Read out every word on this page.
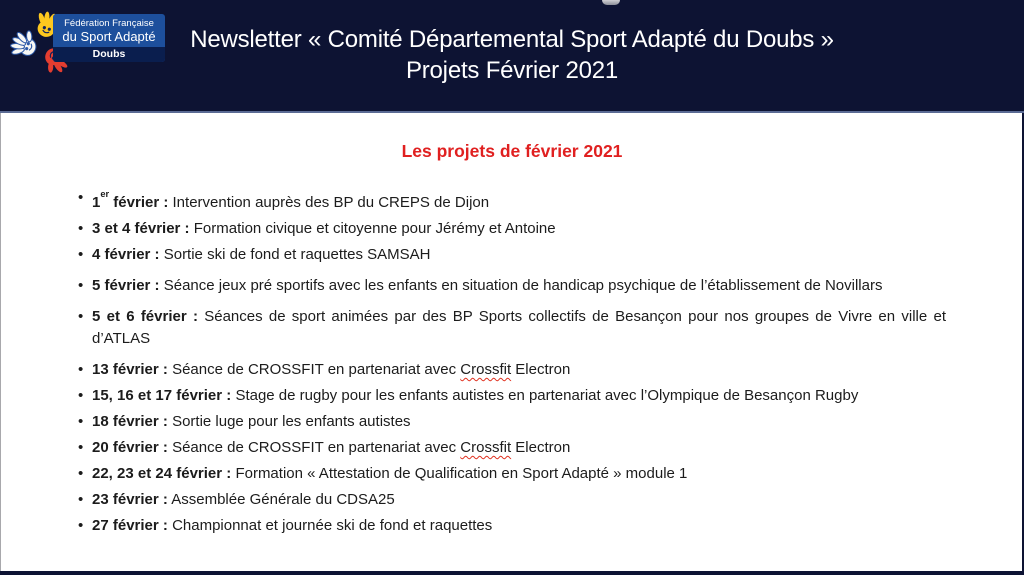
Fédération Française
du Sport Adapté
Doubs
Newsletter « Comité Départemental Sport Adapté du Doubs »
Projets Février 2021
Les projets de février 2021
• 1er février : Intervention auprès des BP du CREPS de Dijon
• 3 et 4 février : Formation civique et citoyenne pour Jérémy et Antoine
• 4 février : Sortie ski de fond et raquettes SAMSAH
• 5 février : Séance jeux pré sportifs avec les enfants en situation de handicap psychique de l’établissement de Novillars
• 5 et 6 février : Séances de sport animées par des BP Sports collectifs de Besançon pour nos groupes de Vivre en ville et d’ATLAS
• 13 février : Séance de CROSSFIT en partenariat avec Crossfit Electron
• 15, 16 et 17 février : Stage de rugby pour les enfants autistes en partenariat avec l’Olympique de Besançon Rugby
• 18 février : Sortie luge pour les enfants autistes
• 20 février : Séance de CROSSFIT en partenariat avec Crossfit Electron
• 22, 23 et 24 février : Formation « Attestation de Qualification en Sport Adapté » module 1
• 23 février : Assemblée Générale du CDSA25
• 27 février : Championnat et journée ski de fond et raquettes
